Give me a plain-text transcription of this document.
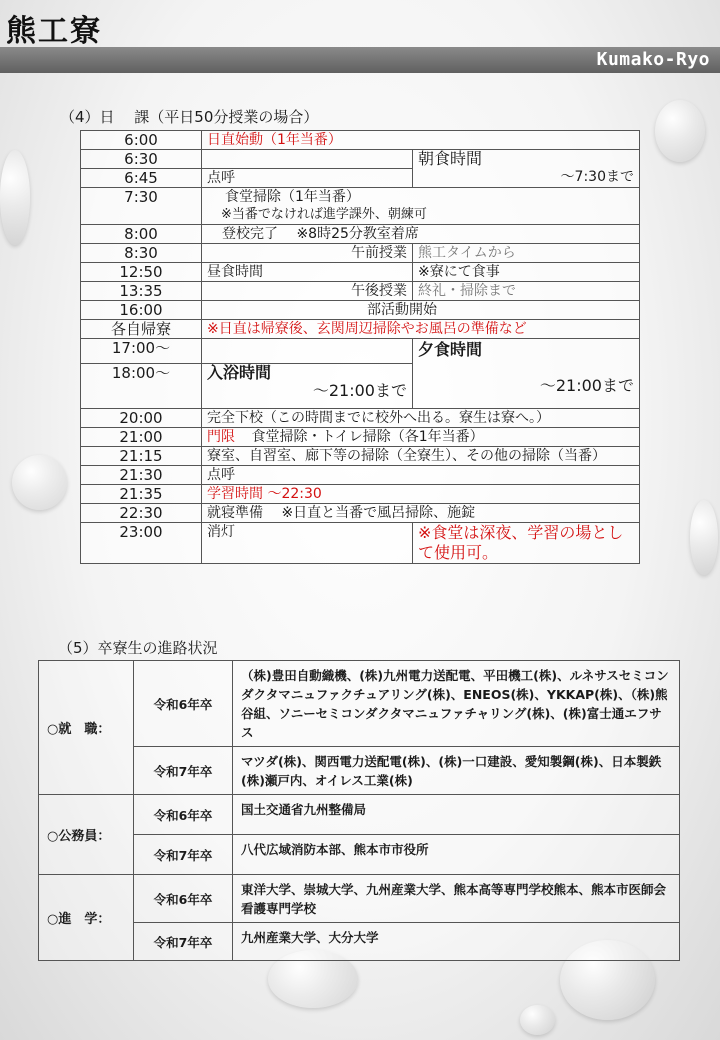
熊工寮
Kumako-Ryo
（4）日　 課（平日50分授業の場合）
6:00	日直始動（1年当番）	
6:30		朝食時間
～7:30まで

6:45	点呼	
7:30	食堂掃除（1年当番）
※当番でなければ進学課外、朝練可	

8:00	登校完了　 ※8時25分教室着席	
8:30	午前授業	熊工タイムから
12:50	昼食時間	※寮にて食事
13:35	午後授業	終礼・掃除まで
16:00	部活動開始	
各自帰寮	※日直は帰寮後、玄関周辺掃除やお風呂の準備など	
17:00～		夕食時間
～21:00まで

18:00～	入浴時間
～21:00まで	

20:00	完全下校（この時間までに校外へ出る。寮生は寮へ。）	
21:00	門限 食堂掃除・トイレ掃除（各1年当番）	
21:15	寮室、自習室、廊下等の掃除（全寮生）、その他の掃除（当番）	
21:30	点呼	
21:35	学習時間 ～22:30	
22:30	就寝準備　 ※日直と当番で風呂掃除、施錠	
23:00	消灯	※食堂は深夜、学習の場として使用可。
（5）卒寮生の進路状況
○就　職：	令和6年卒	（株)豊田自動織機、(株)九州電力送配電、平田機工(株)、ルネサスセミコンダクタマニュファクチュアリング(株)、ENEOS(株)、YKKAP(株)、（株)熊谷組、ソニーセミコンダクタマニュファチャリング(株)、(株)富士通エフサス
	令和7年卒	マツダ(株)、関西電力送配電(株)、(株)一口建設、愛知製鋼(株)、日本製鉄(株)瀬戸内、オイレス工業(株)
○公務員：	令和6年卒	国土交通省九州整備局
	令和7年卒	八代広域消防本部、熊本市市役所
○進　学：	令和6年卒	東洋大学、崇城大学、九州産業大学、熊本高等専門学校熊本、熊本市医師会看護専門学校
	令和7年卒	九州産業大学、大分大学
